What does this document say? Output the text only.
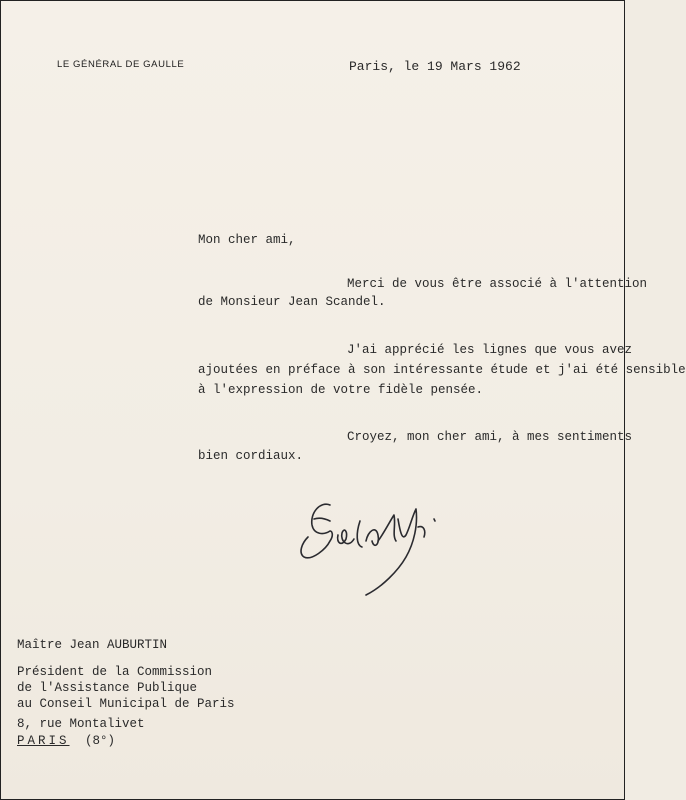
LE GÉNÉRAL DE GAULLE	Paris, le 19 Mars 1962
Mon cher ami,
Merci de vous être associé à l'attention
de Monsieur Jean Scandel.
J'ai apprécié les lignes que vous avez
ajoutées en préface à son intéressante étude et j'ai été sensible
à l'expression de votre fidèle pensée.
Croyez, mon cher ami, à mes sentiments
bien cordiaux.
Maître Jean AUBURTIN
Président de la Commission
de l'Assistance Publique
au Conseil Municipal de Paris
8, rue Montalivet
PARIS (8°)
